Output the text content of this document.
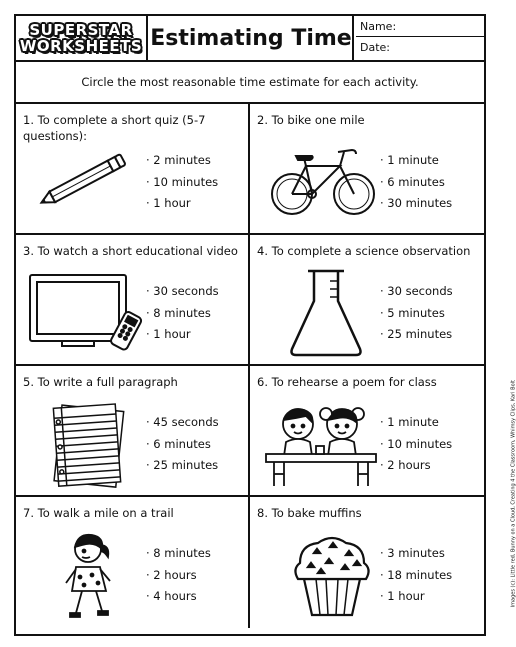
SUPERSTAR
WORKSHEETS Estimating Time Name:
Date:
Circle the most reasonable time estimate for each activity.
1. To complete a short quiz (5-7 questions):
· 2 minutes
· 10 minutes
· 1 hour
2. To bike one mile
· 1 minute
· 6 minutes
· 30 minutes
3. To watch a short educational video
· 30 seconds
· 8 minutes
· 1 hour
4. To complete a science observation
· 30 seconds
· 5 minutes
· 25 minutes
5. To write a full paragraph
· 45 seconds
· 6 minutes
· 25 minutes
6. To rehearse a poem for class
· 1 minute
· 10 minutes
· 2 hours
7. To walk a mile on a trail
· 8 minutes
· 2 hours
· 4 hours
8. To bake muffins
· 3 minutes
· 18 minutes
· 1 hour	Images (c): Little red, Bunny on a Cloud, Creating 4 the Classroom, Whimsy Clips, Kari Bolt
